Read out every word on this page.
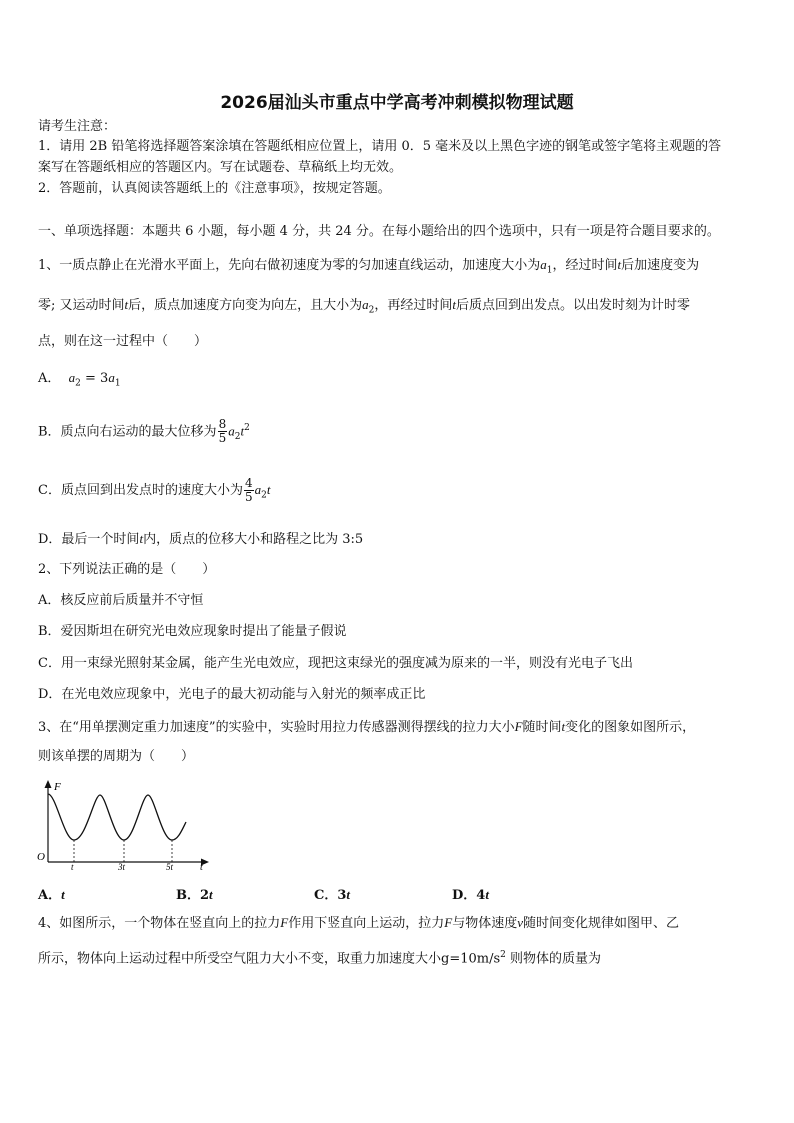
2026届汕头市重点中学高考冲刺模拟物理试题
请考生注意：
1．请用 2B 铅笔将选择题答案涂填在答题纸相应位置上，请用 0．5 毫米及以上黑色字迹的钢笔或签字笔将主观题的答
案写在答题纸相应的答题区内。写在试题卷、草稿纸上均无效。
2．答题前，认真阅读答题纸上的《注意事项》，按规定答题。
一、单项选择题：本题共 6 小题，每小题 4 分，共 24 分。在每小题给出的四个选项中，只有一项是符合题目要求的。
1、一质点静止在光滑水平面上，先向右做初速度为零的匀加速直线运动，加速度大小为$a_1$，经过时间t后加速度变为
零; 又运动时间t后，质点加速度方向变为向左，且大小为$a_2$，再经过时间t后质点回到出发点。以出发时刻为计时零
点，则在这一过程中（　　）
A． $a_2 = 3a_1$
B．质点向右运动的最大位移为 $\frac{8}{5} a_2t^2$
C．质点回到出发点时的速度大小为 $\frac{4}{5} a_2t$
D．最后一个时间t内，质点的位移大小和路程之比为 3:5
2、下列说法正确的是（　　）
A．核反应前后质量并不守恒
B．爱因斯坦在研究光电效应现象时提出了能量子假说
C．用一束绿光照射某金属，能产生光电效应，现把这束绿光的强度减为原来的一半，则没有光电子飞出
D．在光电效应现象中，光电子的最大初动能与入射光的频率成正比
3、在“用单摆测定重力加速度”的实验中，实验时用拉力传感器测得摆线的拉力大小F随时间t变化的图象如图所示，
则该单摆的周期为（　　）
F
O
t
t	3t	5t
A．t	B．2t	C．3t	D．4t
4、如图所示，一个物体在竖直向上的拉力F作用下竖直向上运动，拉力F与物体速度v随时间变化规律如图甲、乙
所示，物体向上运动过程中所受空气阻力大小不变，取重力加速度大小$g=10m/s^2$ 则物体的质量为
